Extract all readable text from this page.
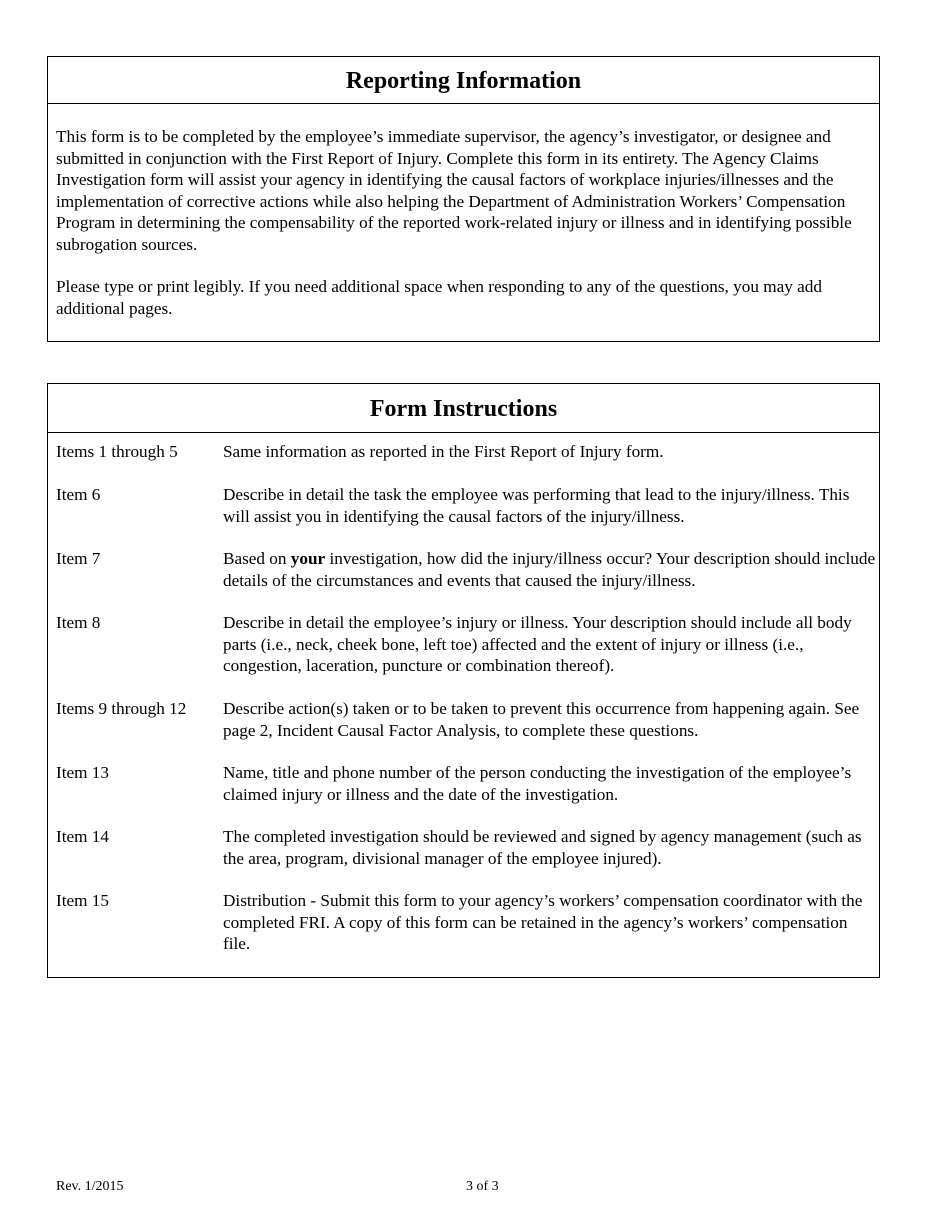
Reporting Information

This form is to be completed by the employee’s immediate supervisor, the agency’s investigator, or designee and submitted in conjunction with the First Report of Injury. Complete this form in its entirety. The Agency Claims Investigation form will assist your agency in identifying the causal factors of workplace injuries/illnesses and the implementation of corrective actions while also helping the Department of Administration Workers’ Compensation Program in determining the compensability of the reported work-related injury or illness and in identifying possible subrogation sources.

Please type or print legibly. If you need additional space when responding to any of the questions, you may add additional pages.

Form Instructions
Items 1 through 5	Same information as reported in the First Report of Injury form.
Item 6	Describe in detail the task the employee was performing that lead to the injury/illness. This will assist you in identifying the causal factors of the injury/illness.
Item 7	Based on your investigation, how did the injury/illness occur? Your description should include details of the circumstances and events that caused the injury/illness.
Item 8	Describe in detail the employee’s injury or illness. Your description should include all body parts (i.e., neck, cheek bone, left toe) affected and the extent of injury or illness (i.e., congestion, laceration, puncture or combination thereof).
Items 9 through 12	Describe action(s) taken or to be taken to prevent this occurrence from happening again. See page 2, Incident Causal Factor Analysis, to complete these questions.
Item 13	Name, title and phone number of the person conducting the investigation of the employee’s claimed injury or illness and the date of the investigation.
Item 14	The completed investigation should be reviewed and signed by agency management (such as the area, program, divisional manager of the employee injured).
Item 15	Distribution - Submit this form to your agency’s workers’ compensation coordinator with the completed FRI. A copy of this form can be retained in the agency’s workers’ compensation file.
Rev. 1/2015	3 of 3
